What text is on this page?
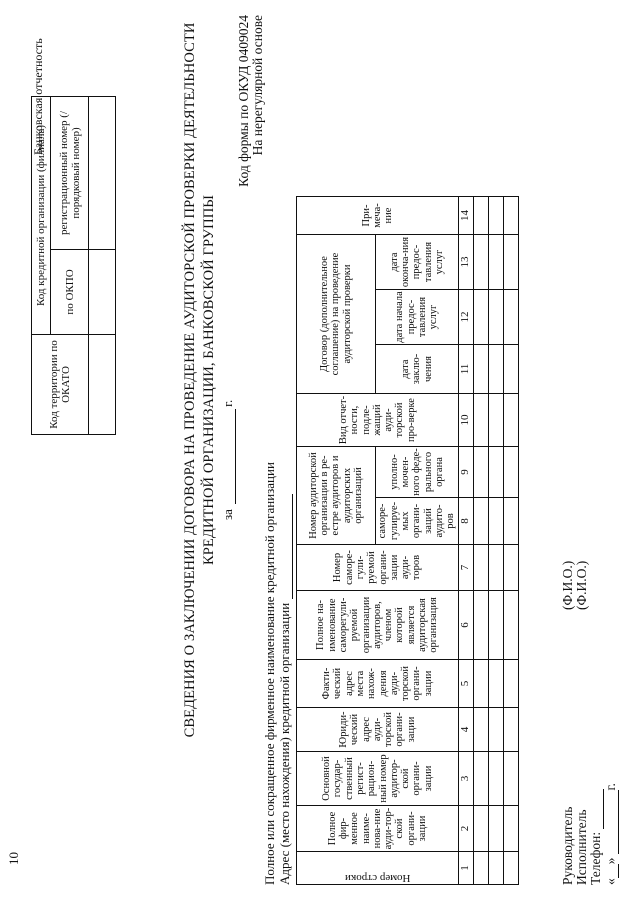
10
СВЕДЕНИЯ О ЗАКЛЮЧЕНИИ ДОГОВОРА НА ПРОВЕДЕНИЕ АУДИТОРСКОЙ ПРОВЕРКИ ДЕЯТЕЛЬНОСТИ КРЕДИТНОЙ ОРГАНИЗАЦИИ, БАНКОВСКОЙ ГРУППЫ за г.
Банковская отчетность
Код территории по ОКАТО	Код кредитной организации (филиала)	
	по ОКПО	регистрационный номер (/порядковый номер)
			Код формы по ОКУД 0409024 На нерегулярной основе
Полное или сокращенное фирменное наименование кредитной организации Адрес (место нахождения) кредитной организации	Номер строки	Полное фир-менное наиме-нова-ние ауди-тор-ской органи-зации	Основной государ-ственный регист-рацион-ный номер аудитор-ской органи-зации	Юриди-ческий адрес ауди-торской органи-зации	Факти-ческий адрес места нахож-дения ауди-торской органи-зации	Полное на-именование саморегули-руемой организации аудиторов, членом которой является аудиторская организация	Номер саморе-гули-руемой органи-зации ауди-торов	Номер аудиторской организации в ре-естре аудиторов и аудиторских организаций		Вид отчет-ности, подле-жащий ауди-торской про-верке	Договор (дополнительное соглашение) на проведение аудиторской проверки			При-меча-ние
							саморе-гулируе-мых органи-заций аудито-ров	уполно-мочен-ного феде-рального органа		дата заклю-чения	дата начала предос-тавления услуг	дата оконча-ния предос-тавления услуг	
1	2	3	4	5	6	7	8	9	10	11	12	13	14

Руководитель
(Ф.И.О.)
Исполнитель
(Ф.И.О.)
Телефон: «»г.
